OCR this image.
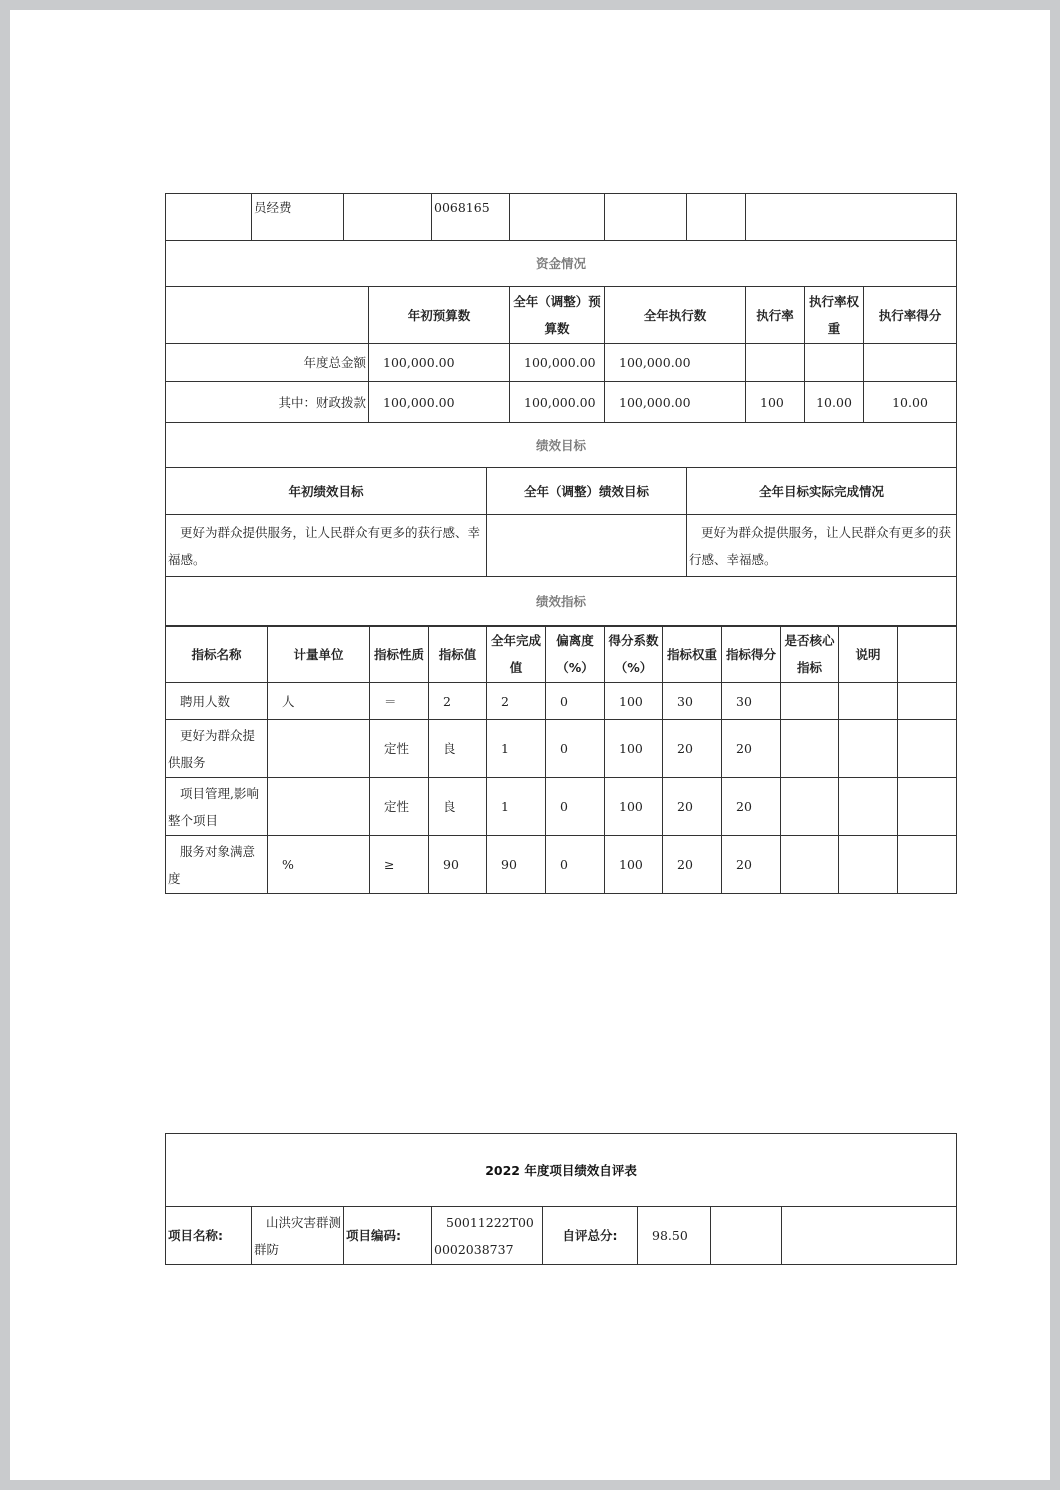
	员经费			0068165							
资金情况											
			年初预算数			全年（调整）预算数	全年执行数		执行率	执行率权重	执行率得分
年度总金额			100,000.00			100,000.00	100,000.00				
其中：财政拨款			100,000.00			100,000.00	100,000.00		100	10.00	10.00
绩效目标											
年初绩效目标					全年（调整）绩效目标			全年目标实际完成情况			
更好为群众提供服务，让人民群众有更多的获行感、幸福感。								更好为群众提供服务，让人民群众有更多的获行感、幸福感。			
绩效指标											
指标名称	计量单位	指标性质	指标值	全年完成值	偏离度（%）	得分系数（%）	指标权重	指标得分	是否核心指标	说明	
聘用人数	人	＝	2	2	0	100	30	30			
更好为群众提供服务		定性	良	1	0	100	20	20			
项目管理,影响整个项目		定性	良	1	0	100	20	20			
服务对象满意度	%	≥	90	90	0	100	20	20			
2022 年度项目绩效自评表
项目名称:	山洪灾害群测群防	项目编码:	50011222T000002038737	自评总分:	98.50		
